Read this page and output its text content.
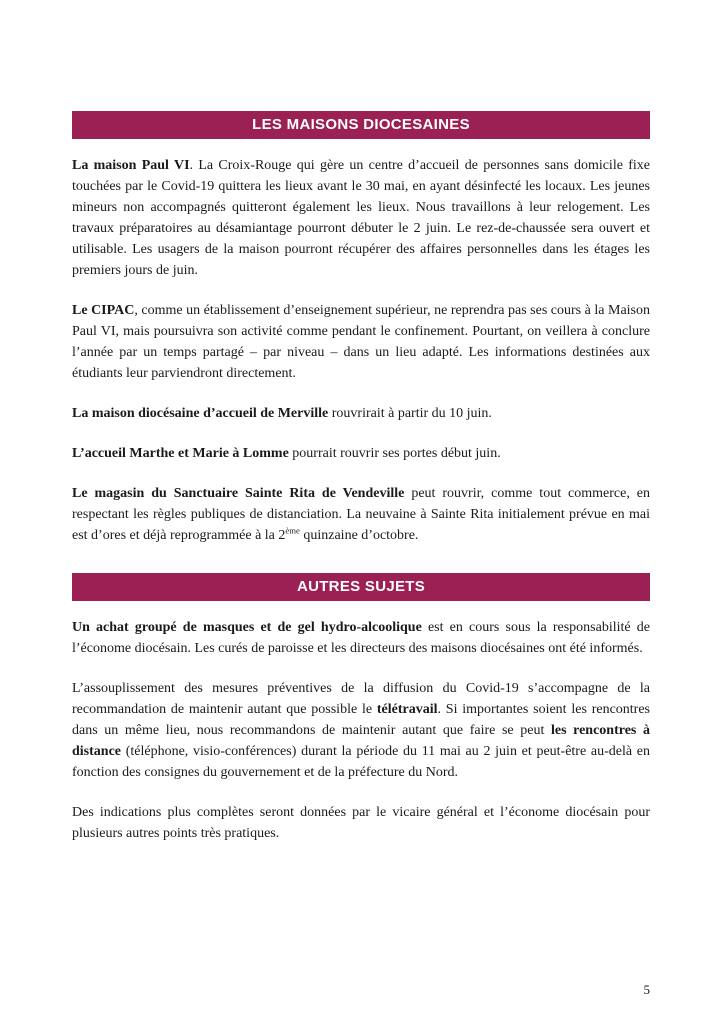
LES MAISONS DIOCESAINES

La maison Paul VI. La Croix-Rouge qui gère un centre d’accueil de personnes sans domicile fixe touchées par le Covid-19 quittera les lieux avant le 30 mai, en ayant désinfecté les locaux. Les jeunes mineurs non accompagnés quitteront également les lieux. Nous travaillons à leur relogement. Les travaux préparatoires au désamiantage pourront débuter le 2 juin. Le rez-de-chaussée sera ouvert et utilisable. Les usagers de la maison pourront récupérer des affaires personnelles dans les étages les premiers jours de juin.

Le CIPAC, comme un établissement d’enseignement supérieur, ne reprendra pas ses cours à la Maison Paul VI, mais poursuivra son activité comme pendant le confinement. Pourtant, on veillera à conclure l’année par un temps partagé – par niveau – dans un lieu adapté. Les informations destinées aux étudiants leur parviendront directement.

La maison diocésaine d’accueil de Merville rouvrirait à partir du 10 juin.

L’accueil Marthe et Marie à Lomme pourrait rouvrir ses portes début juin.

Le magasin du Sanctuaire Sainte Rita de Vendeville peut rouvrir, comme tout commerce, en respectant les règles publiques de distanciation. La neuvaine à Sainte Rita initialement prévue en mai est d’ores et déjà reprogrammée à la 2ème quinzaine d’octobre.

AUTRES SUJETS

Un achat groupé de masques et de gel hydro-alcoolique est en cours sous la responsabilité de l’économe diocésain. Les curés de paroisse et les directeurs des maisons diocésaines ont été informés.

L’assouplissement des mesures préventives de la diffusion du Covid-19 s’accompagne de la recommandation de maintenir autant que possible le télétravail. Si importantes soient les rencontres dans un même lieu, nous recommandons de maintenir autant que faire se peut les rencontres à distance (téléphone, visio-conférences) durant la période du 11 mai au 2 juin et peut-être au-delà en fonction des consignes du gouvernement et de la préfecture du Nord.

Des indications plus complètes seront données par le vicaire général et l’économe diocésain pour plusieurs autres points très pratiques.

5
